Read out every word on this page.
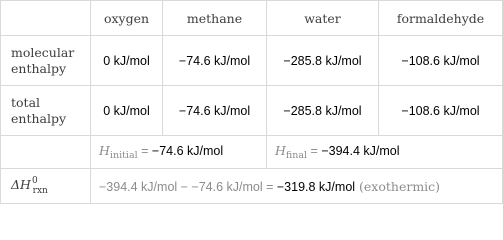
	oxygen	methane	water	formaldehyde
molecular
enthalpy	0 kJ/mol	−74.6 kJ/mol	−285.8 kJ/mol	−108.6 kJ/mol
total
enthalpy	0 kJ/mol	−74.6 kJ/mol	−285.8 kJ/mol	−108.6 kJ/mol
	$H_{initial} = -74.6$ kJ/mol		$H_{final} = -394.4$ kJ/mol	
$\Delta H^0_{rxn}$	−394.4 kJ/mol − −74.6 kJ/mol = −319.8 kJ/mol (exothermic)			
